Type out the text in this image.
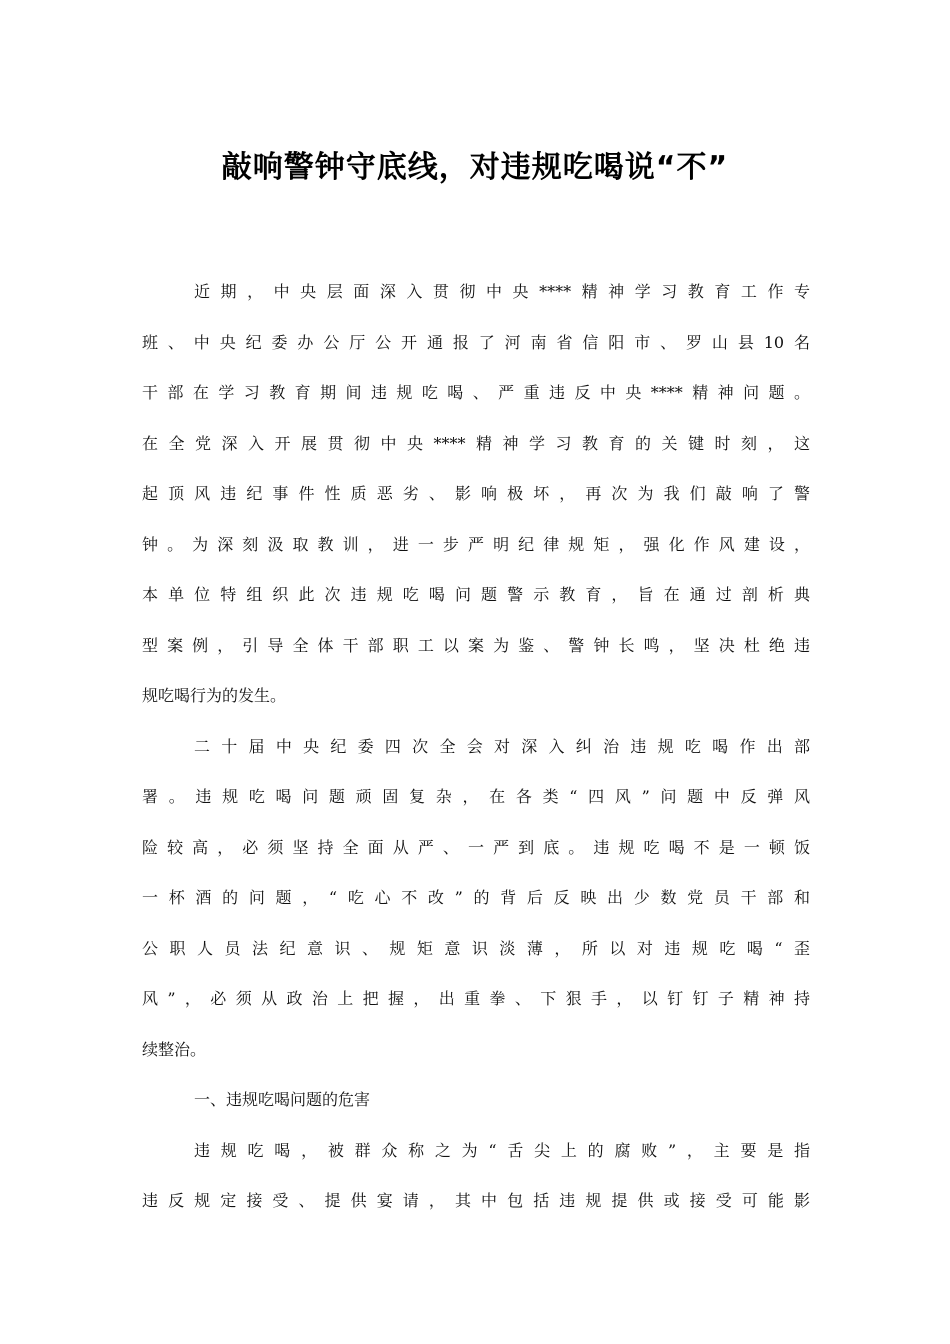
敲响警钟守底线，对违规吃喝说“不”
近期，中央层面深入贯彻中央****精神学习教育工作专
班、中央纪委办公厅公开通报了河南省信阳市、罗山县10名
干部在学习教育期间违规吃喝、严重违反中央****精神问题。
在全党深入开展贯彻中央****精神学习教育的关键时刻，这
起顶风违纪事件性质恶劣、影响极坏，再次为我们敲响了警
钟。为深刻汲取教训，进一步严明纪律规矩，强化作风建设，
本单位特组织此次违规吃喝问题警示教育，旨在通过剖析典
型案例，引导全体干部职工以案为鉴、警钟长鸣，坚决杜绝违
规吃喝行为的发生。
二十届中央纪委四次全会对深入纠治违规吃喝作出部
署。违规吃喝问题顽固复杂，在各类“四风”问题中反弹风
险较高，必须坚持全面从严、一严到底。违规吃喝不是一顿饭
一杯酒的问题，“吃心不改”的背后反映出少数党员干部和
公职人员法纪意识、规矩意识淡薄，所以对违规吃喝“歪
风”，必须从政治上把握，出重拳、下狠手，以钉钉子精神持
续整治。
一、违规吃喝问题的危害
违规吃喝，被群众称之为“舌尖上的腐败”，主要是指
违反规定接受、提供宴请，其中包括违规提供或接受可能影
